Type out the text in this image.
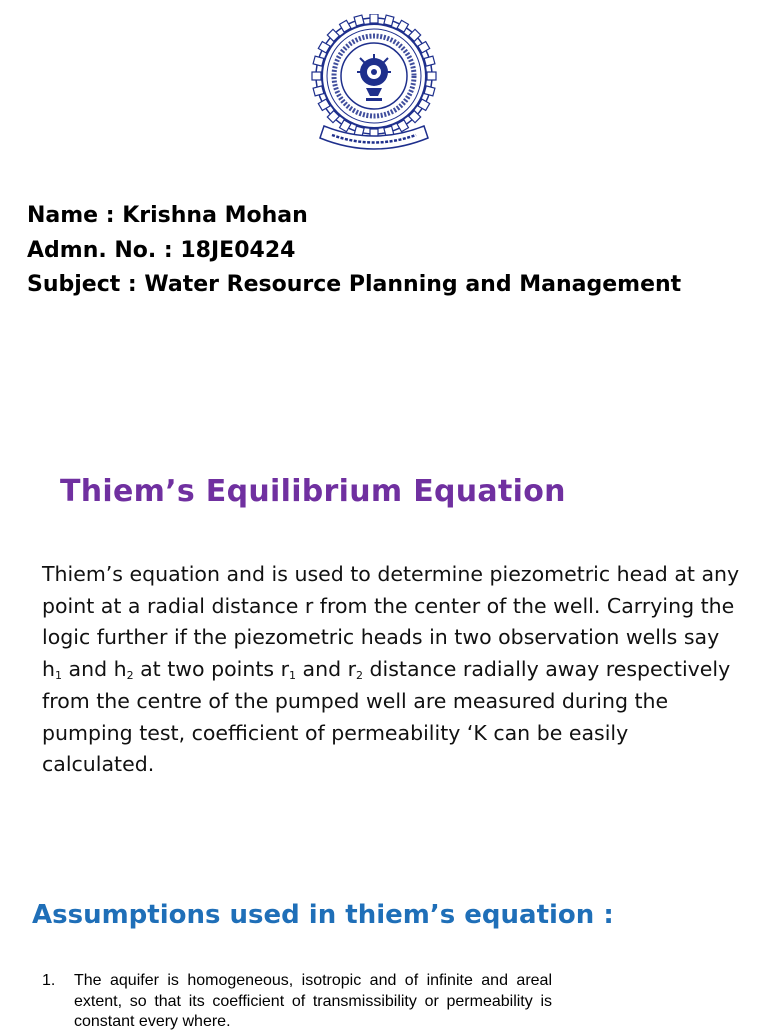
Name : Krishna Mohan
Admn. No. : 18JE0424
Subject : Water Resource Planning and Management
Thiem’s Equilibrium Equation
Thiem’s equation and is used to determine piezometric head at any point at a radial distance r from the center of the well. Carrying the logic further if the piezometric heads in two observation wells say $h_1$ and $h_2$ at two points $r_1$ and $r_2$ distance radially away respectively from the centre of the pumped well are measured during the pumping test, coefficient of permeability ‘K can be easily calculated.
Assumptions used in thiem’s equation :
1. The aquifer is homogeneous, isotropic and of infinite and areal extent, so that its coefficient of transmissibility or permeability is constant every where.
